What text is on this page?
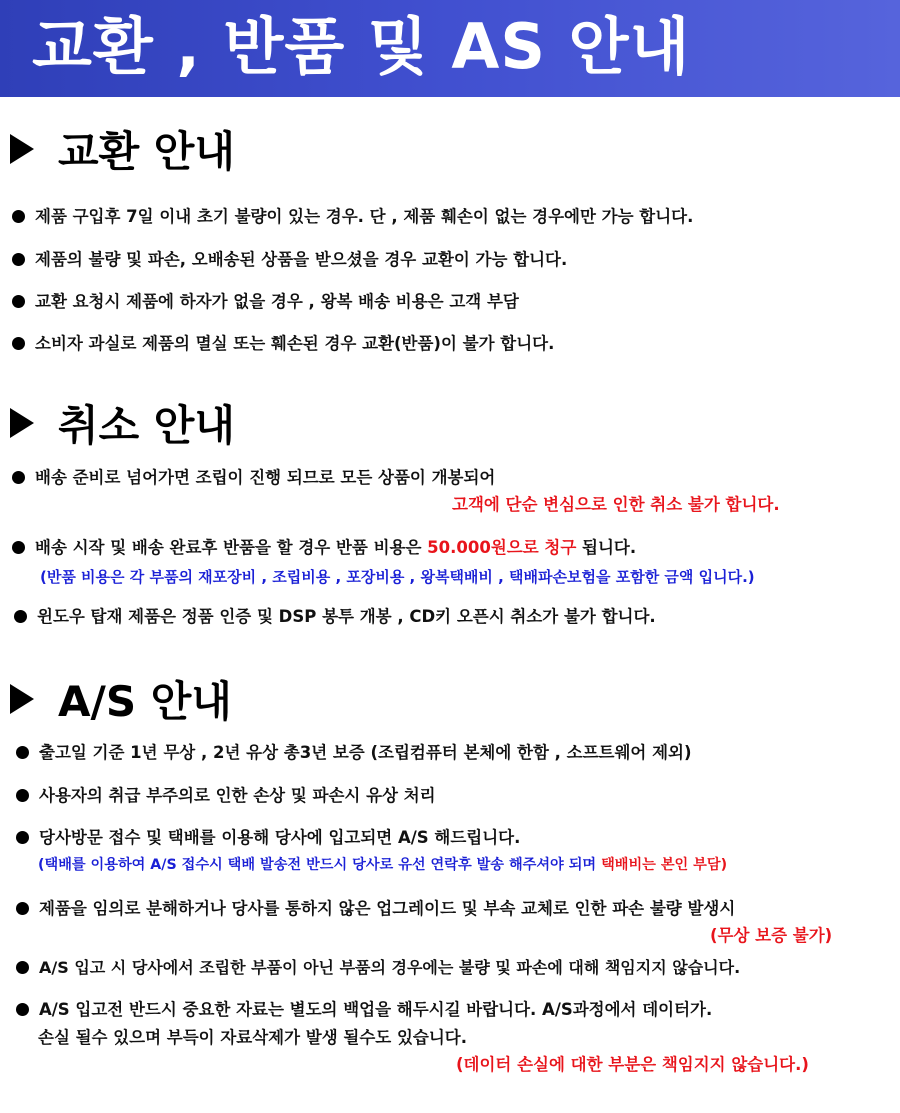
교환 , 반품 및 AS 안내
교환 안내
제품 구입후 7일 이내 초기 불량이 있는 경우. 단 , 제품 훼손이 없는 경우에만 가능 합니다.
제품의 불량 및 파손, 오배송된 상품을 받으셨을 경우 교환이 가능 합니다.
교환 요청시 제품에 하자가 없을 경우 , 왕복 배송 비용은 고객 부담
소비자 과실로 제품의 멸실 또는 훼손된 경우 교환(반품)이 불가 합니다.
취소 안내
배송 준비로 넘어가면 조립이 진행 되므로 모든 상품이 개봉되어
고객에 단순 변심으로 인한 취소 불가 합니다.
배송 시작 및 배송 완료후 반품을 할 경우 반품 비용은 50.000원으로 청구 됩니다.
(반품 비용은 각 부품의 재포장비 , 조립비용 , 포장비용 , 왕복택배비 , 택배파손보험을 포함한 금액 입니다.)
윈도우 탑재 제품은 정품 인증 및 DSP 봉투 개봉 , CD키 오픈시 취소가 불가 합니다.
A/S 안내
출고일 기준 1년 무상 , 2년 유상 총3년 보증 (조립컴퓨터 본체에 한함 , 소프트웨어 제외)
사용자의 취급 부주의로 인한 손상 및 파손시 유상 처리
당사방문 접수 및 택배를 이용해 당사에 입고되면 A/S 해드립니다.
(택배를 이용하여 A/S 접수시 택배 발송전 반드시 당사로 유선 연락후 발송 해주셔야 되며 택배비는 본인 부담)
제품을 임의로 분해하거나 당사를 통하지 않은 업그레이드 및 부속 교체로 인한 파손 불량 발생시
(무상 보증 불가)
A/S 입고 시 당사에서 조립한 부품이 아닌 부품의 경우에는 불량 및 파손에 대해 책임지지 않습니다.
A/S 입고전 반드시 중요한 자료는 별도의 백업을 해두시길 바랍니다. A/S과정에서 데이터가.
손실 될수 있으며 부득이 자료삭제가 발생 될수도 있습니다.
(데이터 손실에 대한 부분은 책임지지 않습니다.)
